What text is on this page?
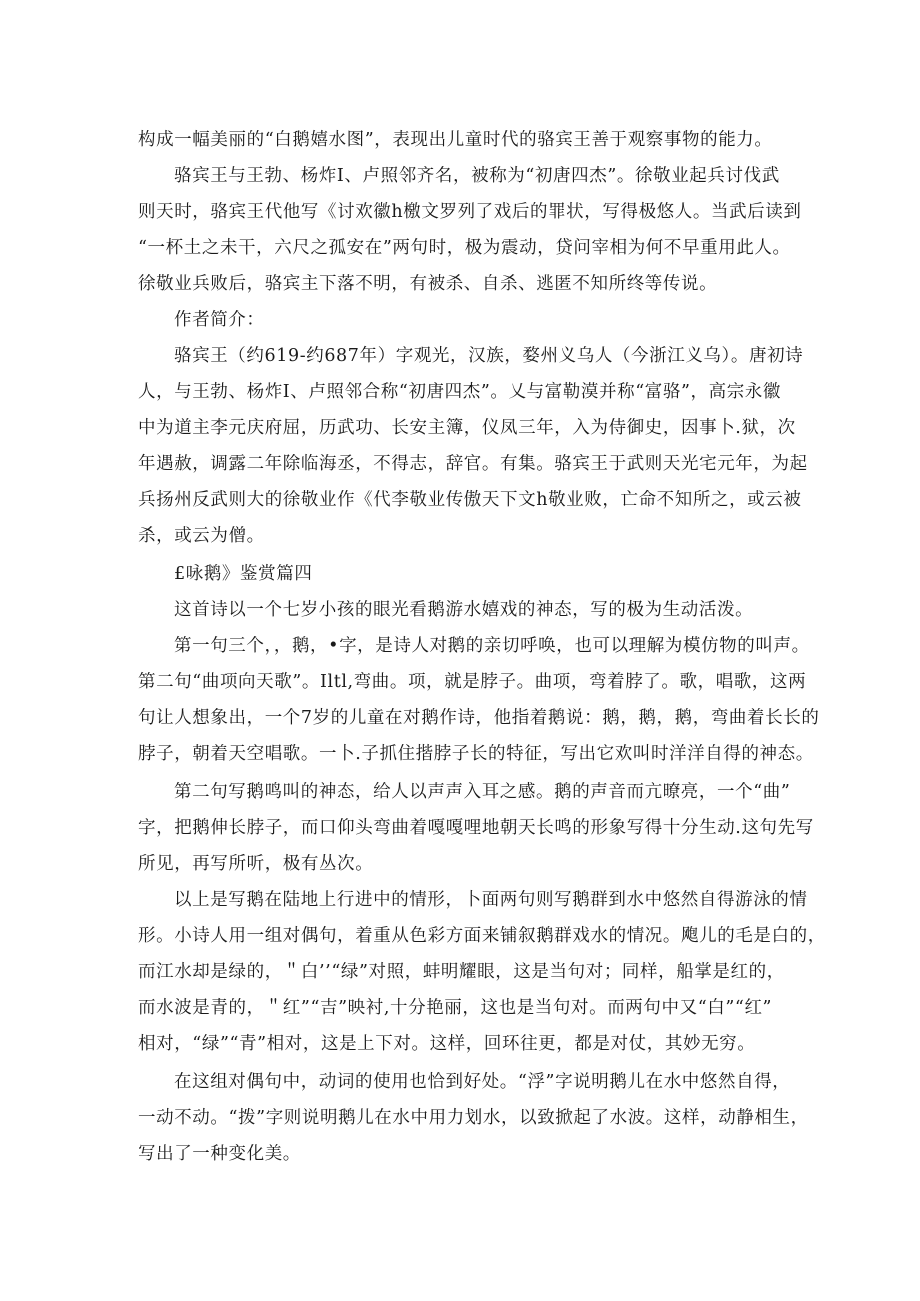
构成一幅美丽的“白鹅嬉水图”，表现出儿童时代的骆宾王善于观察事物的能力。
骆宾王与王勃、杨炸I、卢照邻齐名，被称为“初唐四杰”。徐敬业起兵讨伐武
则天时，骆宾王代他写《讨欢徽h檄文罗列了戏后的罪状，写得极悠人。当武后读到
“一杯土之未干，六尺之孤安在”两句时，极为震动，贷问宰相为何不早重用此人。
徐敬业兵败后，骆宾主下落不明，有被杀、自杀、逃匿不知所终等传说。
作者简介：
骆宾王（约619-约687年）字观光，汉族，婺州义乌人（今浙江义乌）。唐初诗
人，与王勃、杨炸I、卢照邻合称“初唐四杰”。乂与富勒漠并称“富骆”，高宗永徽
中为道主李元庆府屈，历武功、长安主簿，仪凤三年，入为侍御史，因事卜.狱，次
年遇赦，调露二年除临海丞，不得志，辞官。有集。骆宾王于武则天光宅元年，为起
兵扬州反武则大的徐敬业作《代李敬业传傲天下文h敬业败，亡命不知所之，或云被
杀，或云为僧。
£咏鹅》鉴赏篇四
这首诗以一个七岁小孩的眼光看鹅游水嬉戏的神态，写的极为生动活泼。
第一句三个，，鹅，•字，是诗人对鹅的亲切呼唤，也可以理解为模仿物的叫声。
第二句“曲项向天歌”。Iltl,弯曲。项，就是脖子。曲项，弯着脖了。歌，唱歌，这两
句让人想象出，一个7岁的儿童在对鹅作诗，他指着鹅说：鹅，鹅，鹅，弯曲着长长的
脖子，朝着天空唱歌。一卜.子抓住揩脖子长的特征，写出它欢叫时洋洋自得的神态。
第二句写鹅鸣叫的神态，给人以声声入耳之感。鹅的声音而亢暸亮，一个“曲”
字，把鹅伸长脖子，而口仰头弯曲着嘎嘎哩地朝天长鸣的形象写得十分生动.这句先写
所见，再写所听，极有丛次。
以上是写鹅在陆地上行进中的情形，卜面两句则写鹅群到水中悠然自得游泳的情
形。小诗人用一组对偶句，着重从色彩方面来铺叙鹅群戏水的情况。飑儿的毛是白的，
而江水却是绿的，＂白’’“绿”对照，蚌明耀眼，这是当句对；同样，船掌是红的，
而水波是青的，＂红”“吉”映衬,十分艳丽，这也是当句对。而两句中又“白”“红”
相对，“绿”“青”相对，这是上下对。这样，回环往更，都是对仗，其妙无穷。
在这组对偶句中，动词的使用也恰到好处。“浮”字说明鹅儿在水中悠然自得，
一动不动。“拨”字则说明鹅儿在水中用力划水，以致掀起了水波。这样，动静相生，
写出了一种变化美。
